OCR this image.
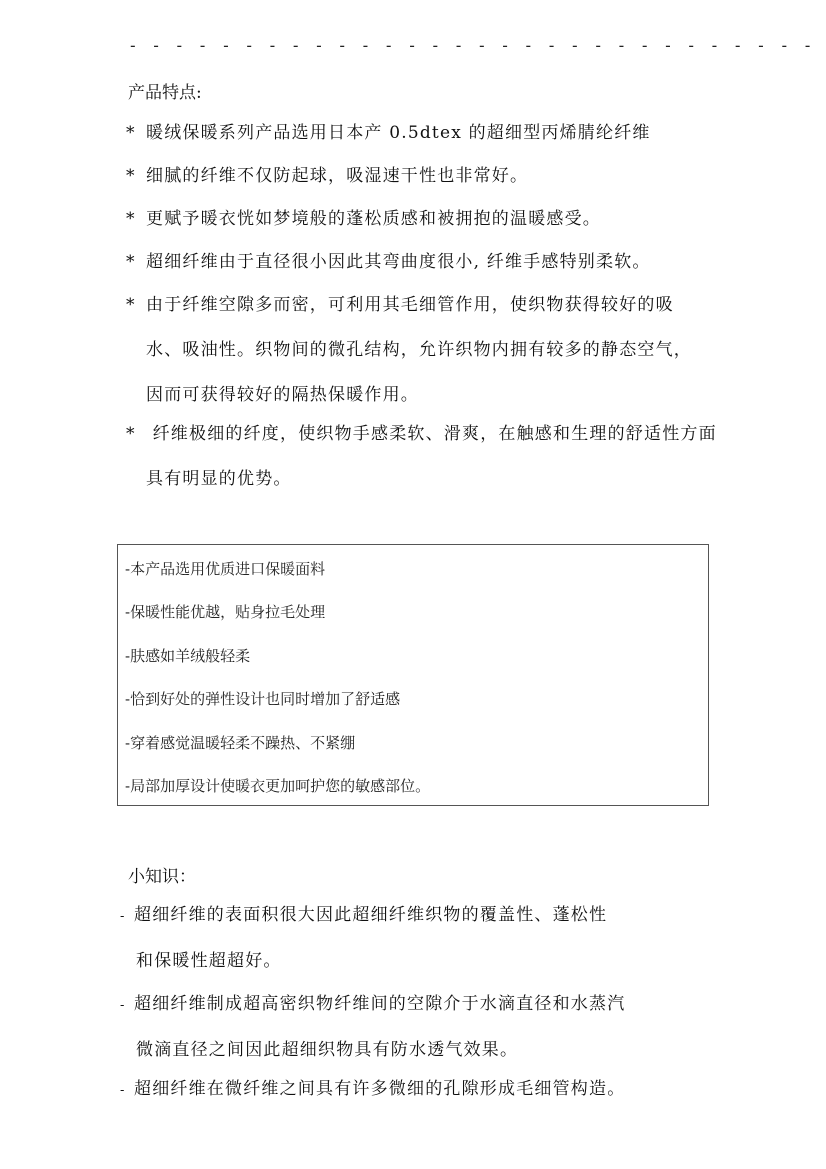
- - - - - - - - - - - - - - - - - - - - - - - - - - - - - -
产品特点:
* 暖绒保暖系列产品选用日本产 0.5dtex 的超细型丙烯腈纶纤维
* 细腻的纤维不仅防起球，吸湿速干性也非常好。
* 更赋予暖衣恍如梦境般的蓬松质感和被拥抱的温暖感受。
* 超细纤维由于直径很小因此其弯曲度很小, 纤维手感特别柔软。
* 由于纤维空隙多而密，可利用其毛细管作用，使织物获得较好的吸
水、吸油性。织物间的微孔结构，允许织物内拥有较多的静态空气，
因而可获得较好的隔热保暖作用。
* 纤维极细的纤度，使织物手感柔软、滑爽，在触感和生理的舒适性方面
具有明显的优势。
-本产品选用优质进口保暖面料
-保暖性能优越，贴身拉毛处理
-肤感如羊绒般轻柔
-恰到好处的弹性设计也同时增加了舒适感
-穿着感觉温暖轻柔不躁热、不紧绷
-局部加厚设计使暖衣更加呵护您的敏感部位。
小知识：
- 超细纤维的表面积很大因此超细纤维织物的覆盖性、蓬松性
和保暖性超超好。
- 超细纤维制成超高密织物纤维间的空隙介于水滴直径和水蒸汽
微滴直径之间因此超细织物具有防水透气效果。
- 超细纤维在微纤维之间具有许多微细的孔隙形成毛细管构造。
